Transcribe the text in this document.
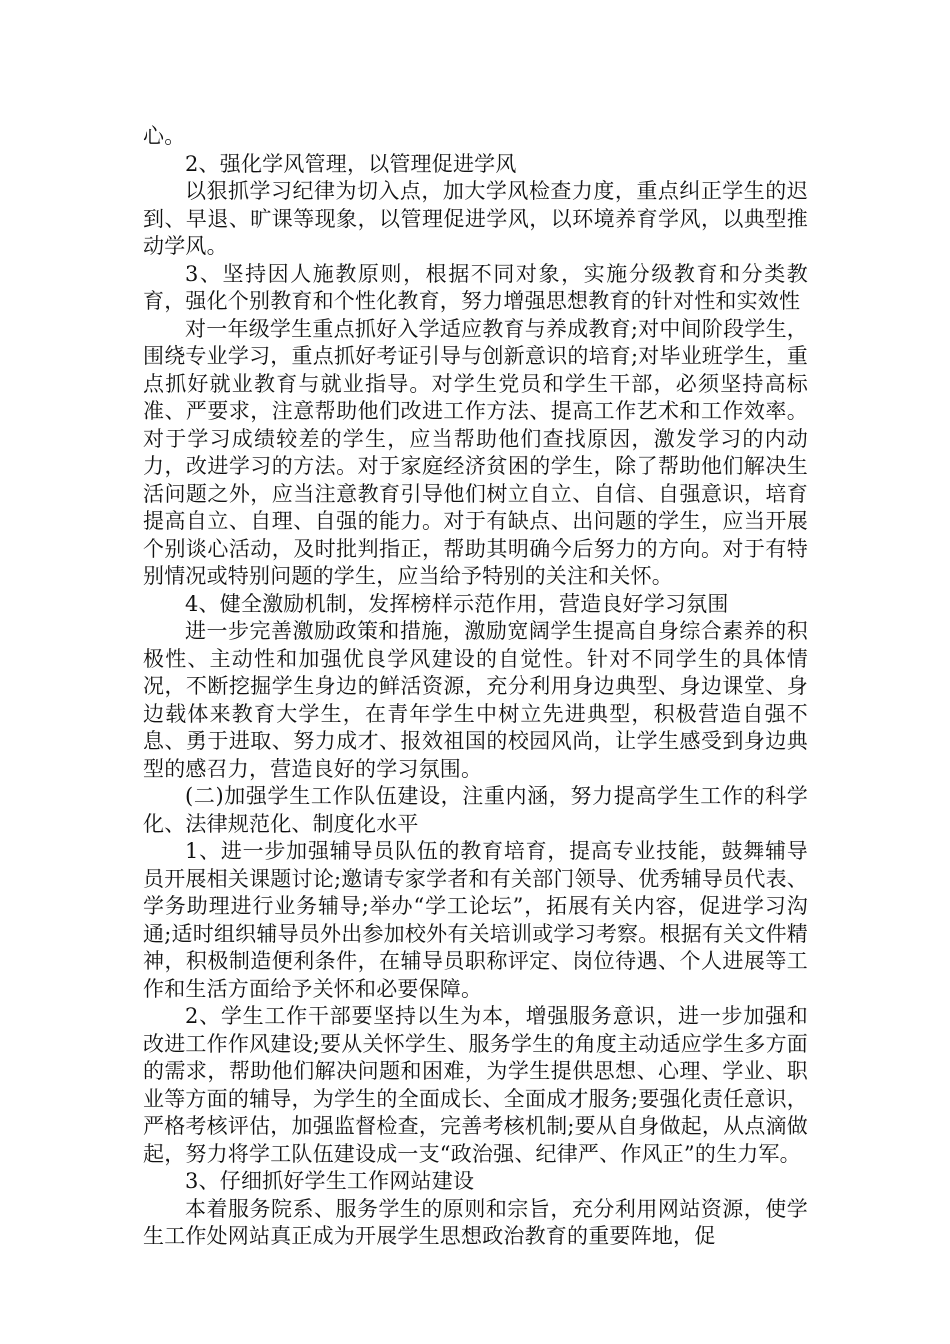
心。

2、强化学风管理，以管理促进学风

以狠抓学习纪律为切入点，加大学风检查力度，重点纠正学生的迟到、早退、旷课等现象，以管理促进学风，以环境养育学风，以典型推动学风。

3、坚持因人施教原则，根据不同对象，实施分级教育和分类教育，强化个别教育和个性化教育，努力增强思想教育的针对性和实效性

对一年级学生重点抓好入学适应教育与养成教育;对中间阶段学生，围绕专业学习，重点抓好考证引导与创新意识的培育;对毕业班学生，重点抓好就业教育与就业指导。对学生党员和学生干部，必须坚持高标准、严要求，注意帮助他们改进工作方法、提高工作艺术和工作效率。对于学习成绩较差的学生，应当帮助他们查找原因，激发学习的内动力，改进学习的方法。对于家庭经济贫困的学生，除了帮助他们解决生活问题之外，应当注意教育引导他们树立自立、自信、自强意识，培育提高自立、自理、自强的能力。对于有缺点、出问题的学生，应当开展个别谈心活动，及时批判指正，帮助其明确今后努力的方向。对于有特别情况或特别问题的学生，应当给予特别的关注和关怀。

4、健全激励机制，发挥榜样示范作用，营造良好学习氛围

进一步完善激励政策和措施，激励宽阔学生提高自身综合素养的积极性、主动性和加强优良学风建设的自觉性。针对不同学生的具体情况，不断挖掘学生身边的鲜活资源，充分利用身边典型、身边课堂、身边载体来教育大学生，在青年学生中树立先进典型，积极营造自强不息、勇于进取、努力成才、报效祖国的校园风尚，让学生感受到身边典型的感召力，营造良好的学习氛围。

(二)加强学生工作队伍建设，注重内涵，努力提高学生工作的科学化、法律规范化、制度化水平

1、进一步加强辅导员队伍的教育培育，提高专业技能，鼓舞辅导员开展相关课题讨论;邀请专家学者和有关部门领导、优秀辅导员代表、学务助理进行业务辅导;举办“学工论坛”，拓展有关内容，促进学习沟通;适时组织辅导员外出参加校外有关培训或学习考察。根据有关文件精神，积极制造便利条件，在辅导员职称评定、岗位待遇、个人进展等工作和生活方面给予关怀和必要保障。

2、学生工作干部要坚持以生为本，增强服务意识，进一步加强和改进工作作风建设;要从关怀学生、服务学生的角度主动适应学生多方面的需求，帮助他们解决问题和困难，为学生提供思想、心理、学业、职业等方面的辅导，为学生的全面成长、全面成才服务;要强化责任意识，严格考核评估，加强监督检查，完善考核机制;要从自身做起，从点滴做起，努力将学工队伍建设成一支“政治强、纪律严、作风正”的生力军。

3、仔细抓好学生工作网站建设

本着服务院系、服务学生的原则和宗旨，充分利用网站资源，使学生工作处网站真正成为开展学生思想政治教育的重要阵地，促
